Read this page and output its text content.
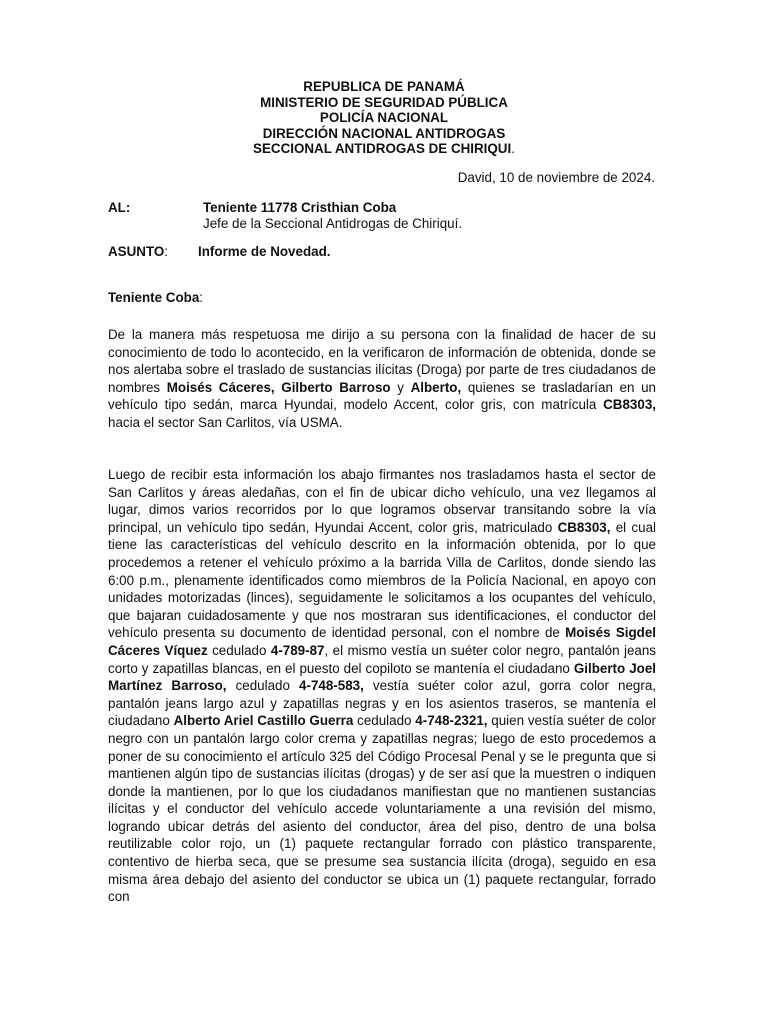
REPUBLICA DE PANAMÁ
MINISTERIO DE SEGURIDAD PÚBLICA
POLICÍA NACIONAL
DIRECCIÓN NACIONAL ANTIDROGAS
SECCIONAL ANTIDROGAS DE CHIRIQUI.
David, 10 de noviembre de 2024.
AL:	Teniente 11778 Cristhian Coba
Jefe de la Seccional Antidrogas de Chiriquí.
ASUNTO: Informe de Novedad.
Teniente Coba:
De la manera más respetuosa me dirijo a su persona con la finalidad de hacer de su conocimiento de todo lo acontecido, en la verificaron de información de obtenida, donde se nos alertaba sobre el traslado de sustancias ilícitas (Droga) por parte de tres ciudadanos de nombres Moisés Cáceres, Gilberto Barroso y Alberto, quienes se trasladarían en un vehículo tipo sedán, marca Hyundai, modelo Accent, color gris, con matrícula CB8303, hacia el sector San Carlitos, vía USMA.
Luego de recibir esta información los abajo firmantes nos trasladamos hasta el sector de San Carlitos y áreas aledañas, con el fin de ubicar dicho vehículo, una vez llegamos al lugar, dimos varios recorridos por lo que logramos observar transitando sobre la vía principal, un vehículo tipo sedán, Hyundai Accent, color gris, matriculado CB8303, el cual tiene las características del vehículo descrito en la información obtenida, por lo que procedemos a retener el vehículo próximo a la barrida Villa de Carlitos, donde siendo las 6:00 p.m., plenamente identificados como miembros de la Policía Nacional, en apoyo con unidades motorizadas (linces), seguidamente le solicitamos a los ocupantes del vehículo, que bajaran cuidadosamente y que nos mostraran sus identificaciones, el conductor del vehículo presenta su documento de identidad personal, con el nombre de Moisés Sigdel Cáceres Víquez cedulado 4-789-87, el mismo vestía un suéter color negro, pantalón jeans corto y zapatillas blancas, en el puesto del copiloto se mantenía el ciudadano Gilberto Joel Martínez Barroso, cedulado 4-748-583, vestía suéter color azul, gorra color negra, pantalón jeans largo azul y zapatillas negras y en los asientos traseros, se mantenía el ciudadano Alberto Ariel Castillo Guerra cedulado 4-748-2321, quien vestía suéter de color negro con un pantalón largo color crema y zapatillas negras; luego de esto procedemos a poner de su conocimiento el artículo 325 del Código Procesal Penal y se le pregunta que si mantienen algún tipo de sustancias ilícitas (drogas) y de ser así que la muestren o indiquen donde la mantienen, por lo que los ciudadanos manifiestan que no mantienen sustancias ilícitas y el conductor del vehículo accede voluntariamente a una revisión del mismo, logrando ubicar detrás del asiento del conductor, área del piso, dentro de una bolsa reutilizable color rojo, un (1) paquete rectangular forrado con plástico transparente, contentivo de hierba seca, que se presume sea sustancia ilícita (droga), seguido en esa misma área debajo del asiento del conductor se ubica un (1) paquete rectangular, forrado con
